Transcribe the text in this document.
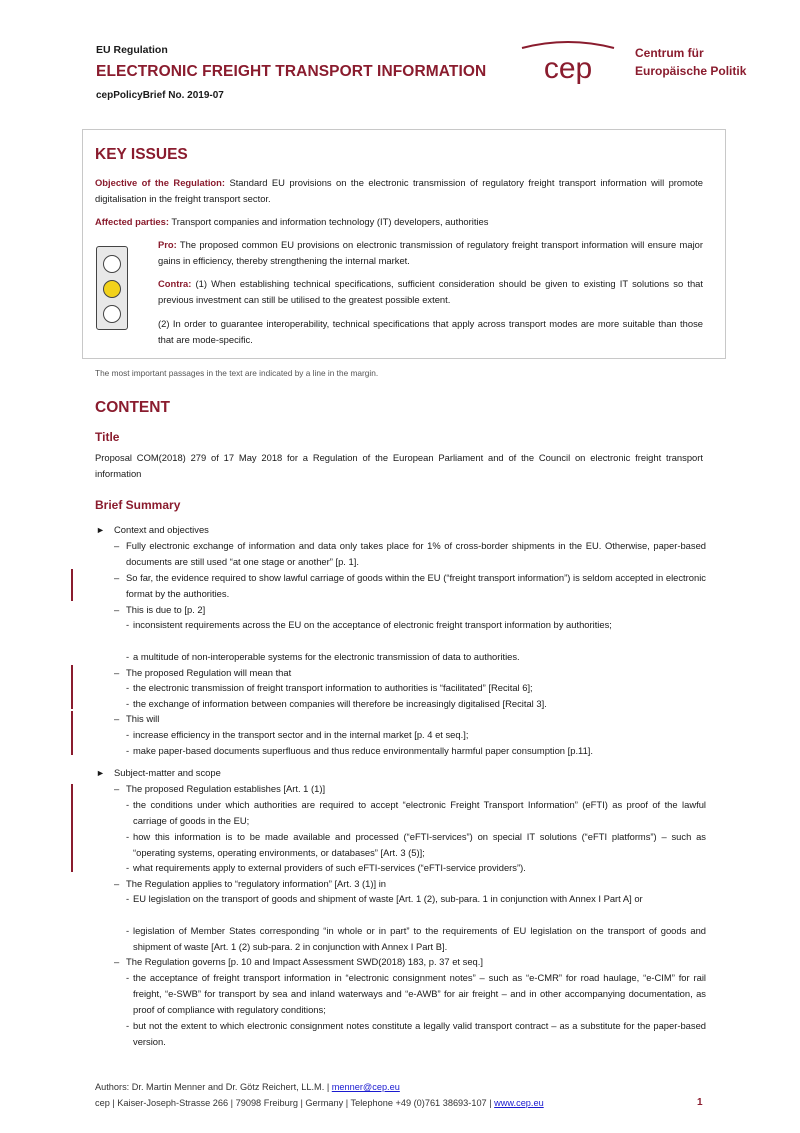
EU Regulation
ELECTRONIC FREIGHT TRANSPORT INFORMATION
cepPolicyBrief No. 2019-07
cep	Centrum für
Europäische Politik
KEY ISSUES
Objective of the Regulation: Standard EU provisions on the electronic transmission of regulatory freight transport information will promote digitalisation in the freight transport sector.
Affected parties: Transport companies and information technology (IT) developers, authorities
Pro: The proposed common EU provisions on electronic transmission of regulatory freight transport information will ensure major gains in efficiency, thereby strengthening the internal market.
Contra: (1) When establishing technical specifications, sufficient consideration should be given to existing IT solutions so that previous investment can still be utilised to the greatest possible extent.
(2) In order to guarantee interoperability, technical specifications that apply across transport modes are more suitable than those that are mode-specific.
The most important passages in the text are indicated by a line in the margin.
CONTENT
Title
Proposal COM(2018) 279 of 17 May 2018 for a Regulation of the European Parliament and of the Council on electronic freight transport information
Brief Summary
► Context and objectives
– Fully electronic exchange of information and data only takes place for 1% of cross-border shipments in the EU. Otherwise, paper-based documents are still used “at one stage or another” [p. 1].
– So far, the evidence required to show lawful carriage of goods within the EU (“freight transport information”) is seldom accepted in electronic format by the authorities.
– This is due to [p. 2]
- inconsistent requirements across the EU on the acceptance of electronic freight transport information by authorities;
- a multitude of non-interoperable systems for the electronic transmission of data to authorities.
– The proposed Regulation will mean that
- the electronic transmission of freight transport information to authorities is “facilitated” [Recital 6];
- the exchange of information between companies will therefore be increasingly digitalised [Recital 3].
– This will
- increase efficiency in the transport sector and in the internal market [p. 4 et seq.];
- make paper-based documents superfluous and thus reduce environmentally harmful paper consumption [p.11].
► Subject-matter and scope
– The proposed Regulation establishes [Art. 1 (1)]
- the conditions under which authorities are required to accept “electronic Freight Transport Information” (eFTI) as proof of the lawful carriage of goods in the EU;
- how this information is to be made available and processed (“eFTI-services”) on special IT solutions (“eFTI platforms”) – such as “operating systems, operating environments, or databases” [Art. 3 (5)];
- what requirements apply to external providers of such eFTI-services (“eFTI-service providers”).
– The Regulation applies to “regulatory information” [Art. 3 (1)] in
- EU legislation on the transport of goods and shipment of waste [Art. 1 (2), sub-para. 1 in conjunction with Annex I Part A] or
- legislation of Member States corresponding “in whole or in part” to the requirements of EU legislation on the transport of goods and shipment of waste [Art. 1 (2) sub-para. 2 in conjunction with Annex I Part B].
– The Regulation governs [p. 10 and Impact Assessment SWD(2018) 183, p. 37 et seq.]
- the acceptance of freight transport information in “electronic consignment notes” – such as “e-CMR” for road haulage, “e-CIM” for rail freight, “e-SWB” for transport by sea and inland waterways and “e-AWB” for air freight – and in other accompanying documentation, as proof of compliance with regulatory conditions;
- but not the extent to which electronic consignment notes constitute a legally valid transport contract – as a substitute for the paper-based version.
Authors: Dr. Martin Menner and Dr. Götz Reichert, LL.M. | menner@cep.eu
cep | Kaiser-Joseph-Strasse 266 | 79098 Freiburg | Germany | Telephone +49 (0)761 38693-107 | www.cep.eu	1
